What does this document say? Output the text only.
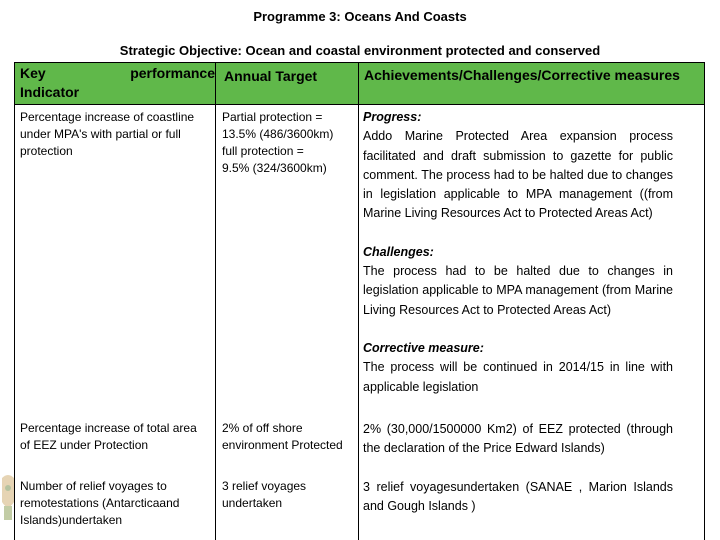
Programme 3: Oceans And Coasts
Strategic Objective: Ocean and coastal environment protected and conserved
Key	performance
Indicator
Annual Target	Achievements/Challenges/Corrective measures
Percentage increase of coastline under MPA's with partial or full protection
Partial protection =
13.5% (486/3600km)
full protection =
9.5% (324/3600km)
Progress:
Addo Marine Protected Area expansion process facilitated and draft submission to gazette for public comment. The process had to be halted due to changes in legislation applicable to MPA management ((from Marine Living Resources Act to Protected Areas Act)
Challenges:
The process had to be halted due to changes in legislation applicable to MPA management (from Marine Living Resources Act to Protected Areas Act)
Corrective measure:
The process will be continued in 2014/15 in line with applicable legislation
Percentage increase of total area of EEZ under Protection
2% of off shore environment Protected
2% (30,000/1500000 Km2) of EEZ protected (through the declaration of the Price Edward Islands)
Number of relief voyages to remotestations (Antarcticaand Islands)undertaken
3 relief voyages undertaken
3 relief voyagesundertaken (SANAE , Marion Islands and Gough Islands )
